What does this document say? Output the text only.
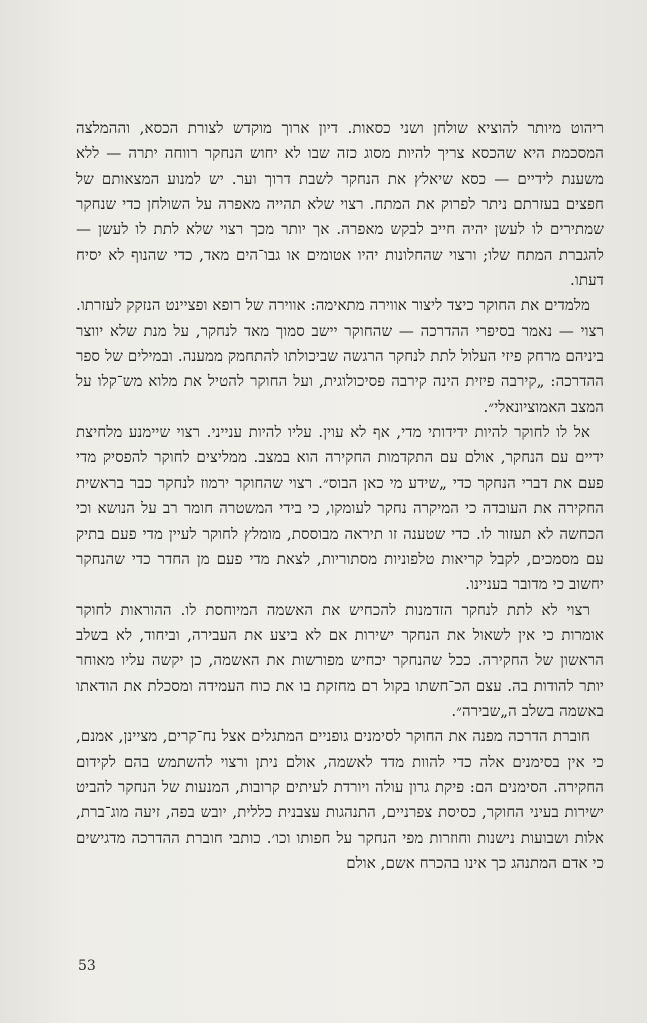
ריהוט מיותר להוציא שולחן ושני כסאות. דיון ארוך מוקדש לצורת הכסא, וההמלצה המסכמת היא שהכסא צריך להיות מסוג כזה שבו לא יחוש הנחקר רווחה יתרה — ללא משענת לידיים — כסא שיאלץ את הנחקר לשבת דרוך וער. יש למנוע המצאותם של חפצים בעזרתם ניתר לפרוק את המתח. רצוי שלא תהייה מאפרה על השולחן כדי שנחקר שמתירים לו לעשן יהיה חייב לבקש מאפרה. אך יותר מכך רצוי שלא לתת לו לעשן — להגברת המתח שלו; ורצוי שהחלונות יהיו אטומים או גבו־הים מאד, כדי שהנוף לא יסיח דעתו.

מלמדים את החוקר כיצד ליצור אווירה מתאימה: אווירה של רופא ופציינט הנזקק לעזרתו. רצוי — נאמר בסיפרי ההדרכה — שהחוקר יישב סמוך מאד לנחקר, על מנת שלא יווצר ביניהם מרחק פיזי העלול לתת לנחקר הרגשה שביכולתו להתחמק ממענה. ובמילים של ספר ההדרכה: „קירבה פיזית הינה קירבה פסיכולוגית, ועל החוקר להטיל את מלוא מש־קלו על המצב האמוציונאלי״.

אל לו לחוקר להיות ידידותי מדי, אף לא עוין. עליו להיות ענייני. רצוי שיימנע מלחיצת ידיים עם הנחקר, אולם עם התקדמות החקירה הוא במצב. ממליצים לחוקר להפסיק מדי פעם את דברי הנחקר כדי „שידע מי כאן הבוס״. רצוי שהחוקר ירמוז לנחקר כבר בראשית החקירה את העובדה כי המיקרה נחקר לעומקו, כי בידי המשטרה חומר רב על הנושא וכי הכחשה לא תעזור לו. כדי שטענה זו תיראה מבוססת, מומלץ לחוקר לעיין מדי פעם בתיק עם מסמכים, לקבל קריאות טלפוניות מסתוריות, לצאת מדי פעם מן החדר כדי שהנחקר יחשוב כי מדובר בעניינו.

רצוי לא לתת לנחקר הזדמנות להכחיש את האשמה המיוחסת לו. ההוראות לחוקר אומרות כי אין לשאול את הנחקר ישירות אם לא ביצע את העבירה, וביחוד, לא בשלב הראשון של החקירה. ככל שהנחקר יכחיש מפורשות את האשמה, כן יקשה עליו מאוחר יותר להודות בה. עצם הכ־חשתו בקול רם מחזקת בו את כוח העמידה ומסכלת את הודאתו באשמה בשלב ה„שבירה״.

חוברת הדרכה מפנה את החוקר לסימנים גופניים המתגלים אצל נח־קרים, מציינן, אמנם, כי אין בסימנים אלה כדי להוות מדד לאשמה, אולם ניתן ורצוי להשתמש בהם לקידום החקירה. הסימנים הם: פיקת גרון עולה ויורדת לעיתים קרובות, המנעות של הנחקר להביט ישירות בעיני החוקר, כסיסת צפרניים, התנהגות עצבנית כללית, יובש בפה, זיעה מוג־ברת, אלות ושבועות נישנות וחוזרות מפי הנחקר על חפותו וכו׳. כותבי חוברת ההדרכה מדגישים כי אדם המתנהג כך אינו בהכרח אשם, אולם

53
